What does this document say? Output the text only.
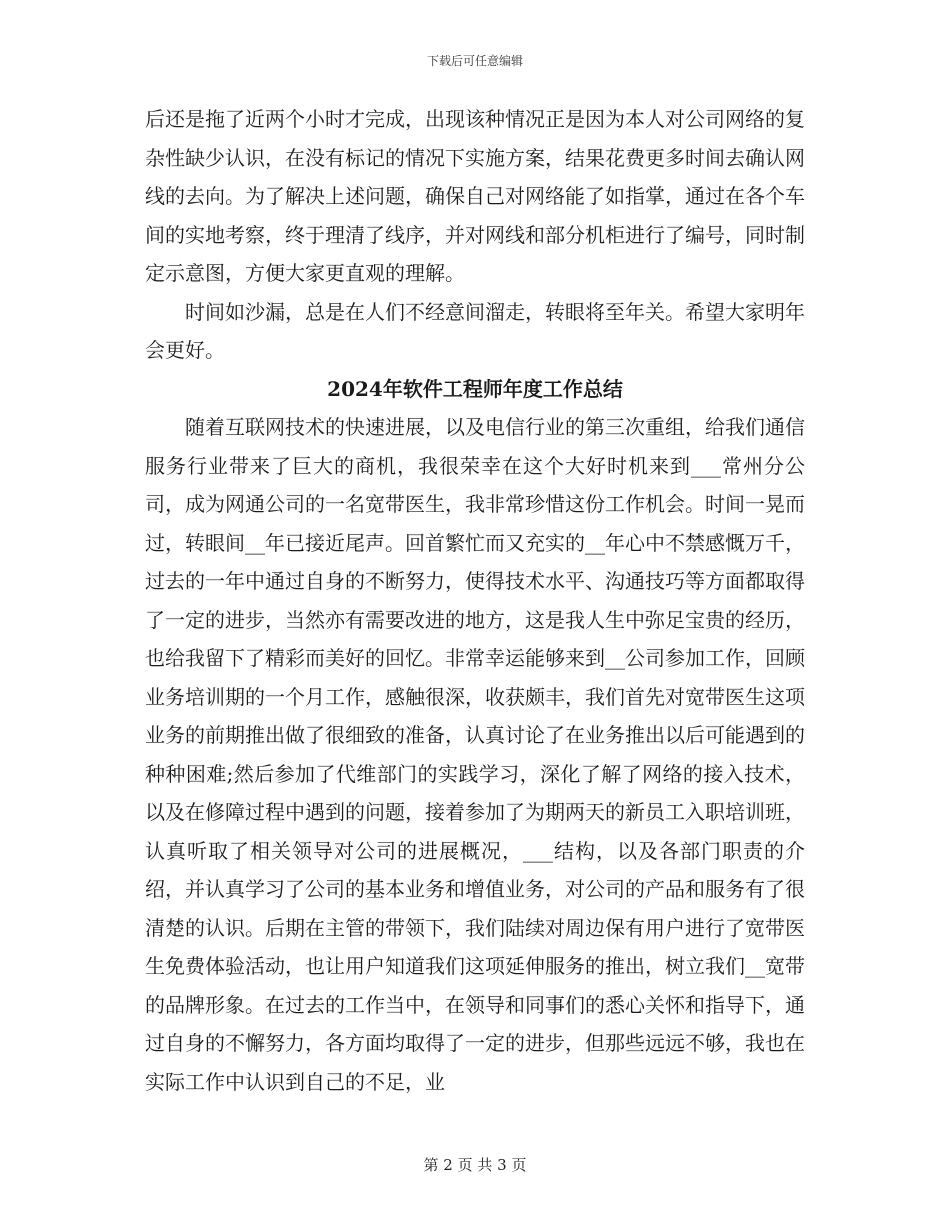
下载后可任意编辑

后还是拖了近两个小时才完成，出现该种情况正是因为本人对公司网络的复杂性缺少认识，在没有标记的情况下实施方案，结果花费更多时间去确认网线的去向。为了解决上述问题，确保自己对网络能了如指掌，通过在各个车间的实地考察，终于理清了线序，并对网线和部分机柜进行了编号，同时制定示意图，方便大家更直观的理解。

时间如沙漏，总是在人们不经意间溜走，转眼将至年关。希望大家明年会更好。

2024年软件工程师年度工作总结

随着互联网技术的快速进展，以及电信行业的第三次重组，给我们通信服务行业带来了巨大的商机，我很荣幸在这个大好时机来到___常州分公司，成为网通公司的一名宽带医生，我非常珍惜这份工作机会。时间一晃而过，转眼间__年已接近尾声。回首繁忙而又充实的__年心中不禁感慨万千，过去的一年中通过自身的不断努力，使得技术水平、沟通技巧等方面都取得了一定的进步，当然亦有需要改进的地方，这是我人生中弥足宝贵的经历，也给我留下了精彩而美好的回忆。非常幸运能够来到__公司参加工作，回顾业务培训期的一个月工作，感触很深，收获颇丰，我们首先对宽带医生这项业务的前期推出做了很细致的准备，认真讨论了在业务推出以后可能遇到的种种困难;然后参加了代维部门的实践学习，深化了解了网络的接入技术，以及在修障过程中遇到的问题，接着参加了为期两天的新员工入职培训班，认真听取了相关领导对公司的进展概况，___结构，以及各部门职责的介绍，并认真学习了公司的基本业务和增值业务，对公司的产品和服务有了很清楚的认识。后期在主管的带领下，我们陆续对周边保有用户进行了宽带医生免费体验活动，也让用户知道我们这项延伸服务的推出，树立我们__宽带的品牌形象。在过去的工作当中，在领导和同事们的悉心关怀和指导下，通过自身的不懈努力，各方面均取得了一定的进步，但那些远远不够，我也在实际工作中认识到自己的不足，业

第 2 页 共 3 页
